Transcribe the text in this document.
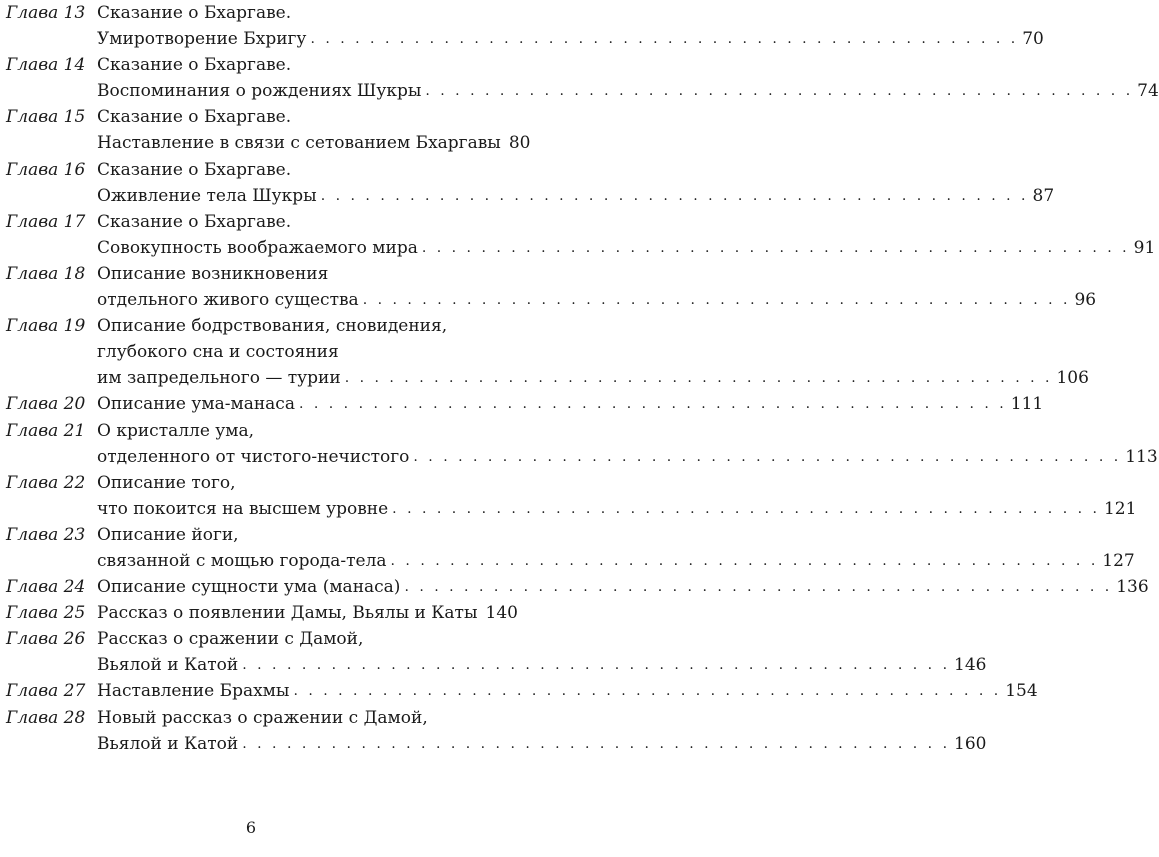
Глава 13 Сказание о Бхаргаве.
Умиротворение Бхригу . . .	70
Глава 14 Сказание о Бхаргаве.
Воспоминания о рождениях Шукры . . .	74
Глава 15 Сказание о Бхаргаве.
Наставление в связи с сетованием Бхаргавы 80
Глава 16 Сказание о Бхаргаве.
Оживление тела Шукры . . .	87
Глава 17 Сказание о Бхаргаве.
Совокупность воображаемого мира . . .	91
Глава 18 Описание возникновения
отдельного живого существа . . .	96
Глава 19 Описание бодрствования, сновидения,
глубокого сна и состояния
им запредельного — турии . . .	106
Глава 20 Описание ума-манаса . . .	111
Глава 21 О кристалле ума,
отделенного от чистого-нечистого . . .	113
Глава 22 Описание того,
что покоится на высшем уровне . . .	121
Глава 23 Описание йоги,
связанной с мощью города-тела . . .	127
Глава 24 Описание сущности ума (манаса) . . .	136
Глава 25 Рассказ о появлении Дамы, Вьялы и Каты 140
Глава 26 Рассказ о сражении с Дамой,
Вьялой и Катой . . .	146
Глава 27 Наставление Брахмы . . .	154
Глава 28 Новый рассказ о сражении с Дамой,
Вьялой и Катой . . .	160
6
